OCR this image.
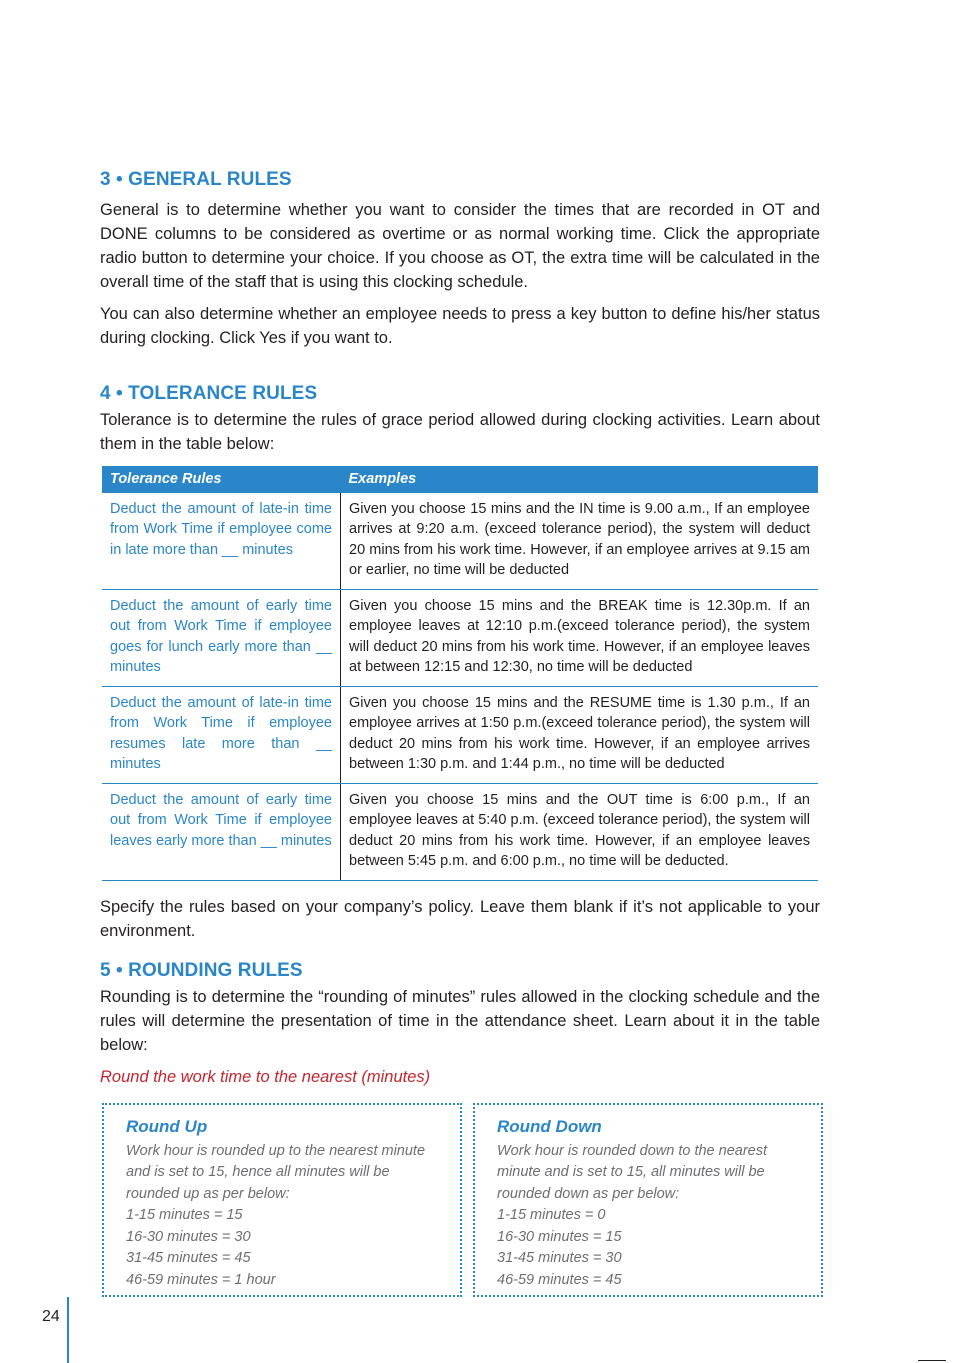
3 • GENERAL RULES

General is to determine whether you want to consider the times that are recorded in OT and DONE columns to be considered as overtime or as normal working time. Click the appropriate radio button to determine your choice. If you choose as OT, the extra time will be calculated in the overall time of the staff that is using this clocking schedule.

You can also determine whether an employee needs to press a key button to define his/her status during clocking. Click Yes if you want to.

4 • TOLERANCE RULES

Tolerance is to determine the rules of grace period allowed during clocking activities. Learn about them in the table below:

Tolerance Rules	Examples
Deduct the amount of late-in time from Work Time if employee come in late more than __ minutes	Given you choose 15 mins and the IN time is 9.00 a.m., If an employee arrives at 9:20 a.m. (exceed tolerance period), the system will deduct 20 mins from his work time. However, if an employee arrives at 9.15 am or earlier, no time will be deducted
Deduct the amount of early time out from Work Time if employee goes for lunch early more than __ minutes	Given you choose 15 mins and the BREAK time is 12.30p.m. If an employee leaves at 12:10 p.m.(exceed tolerance period), the system will deduct 20 mins from his work time. However, if an employee leaves at between 12:15 and 12:30, no time will be deducted
Deduct the amount of late-in time from Work Time if employee resumes late more than __ minutes	Given you choose 15 mins and the RESUME time is 1.30 p.m., If an employee arrives at 1:50 p.m.(exceed tolerance period), the system will deduct 20 mins from his work time. However, if an employee arrives between 1:30 p.m. and 1:44 p.m., no time will be deducted
Deduct the amount of early time out from Work Time if employee leaves early more than __ minutes	Given you choose 15 mins and the OUT time is 6:00 p.m., If an employee leaves at 5:40 p.m. (exceed tolerance period), the system will deduct 20 mins from his work time. However, if an employee leaves between 5:45 p.m. and 6:00 p.m., no time will be deducted.

Specify the rules based on your company’s policy. Leave them blank if it’s not applicable to your environment.

5 • ROUNDING RULES

Rounding is to determine the “rounding of minutes” rules allowed in the clocking schedule and the rules will determine the presentation of time in the attendance sheet. Learn about it in the table below:

Round the work time to the nearest (minutes)

Round Up

Work hour is rounded up to the nearest minute and is set to 15, hence all minutes will be rounded up as per below:

1-15 minutes = 15

16-30 minutes = 30

31-45 minutes = 45

46-59 minutes = 1 hour

Round Down

Work hour is rounded down to the nearest minute and is set to 15, all minutes will be rounded down as per below:

1-15 minutes = 0

16-30 minutes = 15

31-45 minutes = 30

46-59 minutes = 45

24
